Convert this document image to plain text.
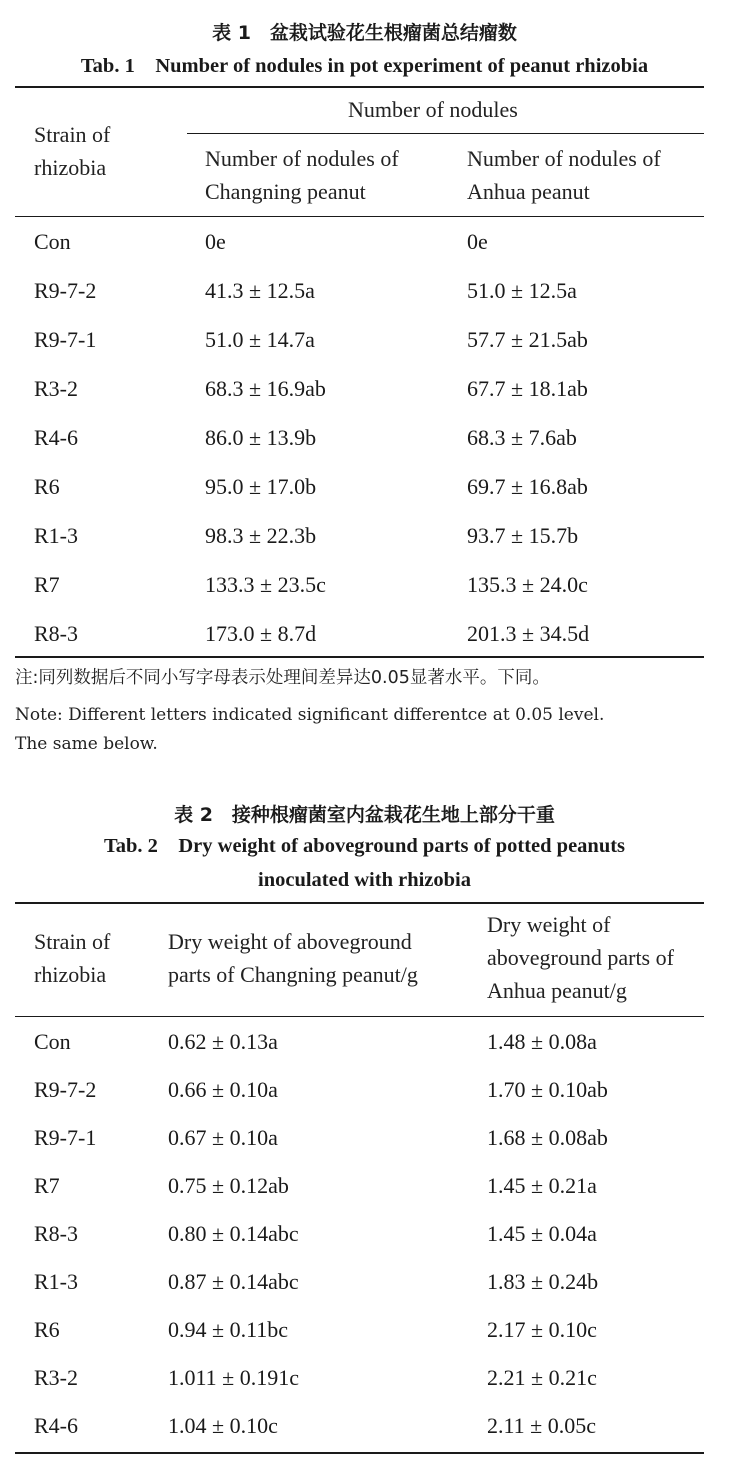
表 1　盆栽试验花生根瘤菌总结瘤数
Tab. 1　Number of nodules in pot experiment of peanut rhizobia
Strain of
rhizobia
Number of nodules
Number of nodules of
Changning peanut
Number of nodules of
Anhua peanut
Con	0e	0e
R9-7-2	41.3 ± 12.5a	51.0 ± 12.5a
R9-7-1	51.0 ± 14.7a	57.7 ± 21.5ab
R3-2	68.3 ± 16.9ab	67.7 ± 18.1ab
R4-6	86.0 ± 13.9b	68.3 ± 7.6ab
R6	95.0 ± 17.0b	69.7 ± 16.8ab
R1-3	98.3 ± 22.3b	93.7 ± 15.7b
R7	133.3 ± 23.5c	135.3 ± 24.0c
R8-3	173.0 ± 8.7d	201.3 ± 34.5d
注:同列数据后不同小写字母表示处理间差异达0.05显著水平。下同。
Note: Different letters indicated significant differentce at 0.05 level.
The same below.
表 2　接种根瘤菌室内盆栽花生地上部分干重
Tab. 2　Dry weight of aboveground parts of potted peanuts
inoculated with rhizobia
Strain of
rhizobia
Dry weight of aboveground
parts of Changning peanut/g
Dry weight of
aboveground parts of
Anhua peanut/g
Con	0.62 ± 0.13a	1.48 ± 0.08a
R9-7-2	0.66 ± 0.10a	1.70 ± 0.10ab
R9-7-1	0.67 ± 0.10a	1.68 ± 0.08ab
R7	0.75 ± 0.12ab	1.45 ± 0.21a
R8-3	0.80 ± 0.14abc	1.45 ± 0.04a
R1-3	0.87 ± 0.14abc	1.83 ± 0.24b
R6	0.94 ± 0.11bc	2.17 ± 0.10c
R3-2	1.011 ± 0.191c	2.21 ± 0.21c
R4-6	1.04 ± 0.10c	2.11 ± 0.05c
